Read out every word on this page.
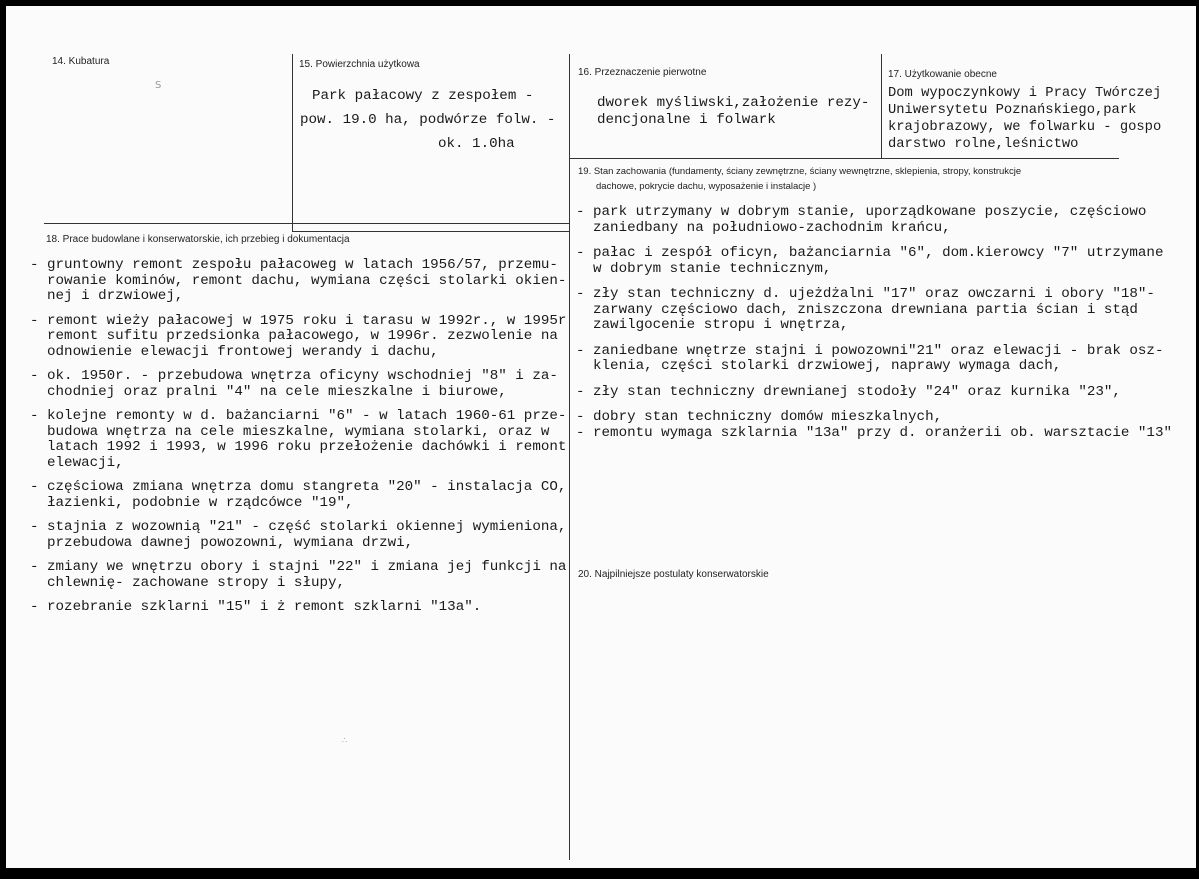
14. Kubatura
S
15. Powierzchnia użytkowa
Park pałacowy z zespołem -
pow. 19.0 ha, podwórze folw. -
ok. 1.0ha
16. Przeznaczenie pierwotne
dworek myśliwski,założenie rezy-
dencjonalne i folwark
17. Użytkowanie obecne
Dom wypoczynkowy i Pracy Twórczej
Uniwersytetu Poznańskiego,park
krajobrazowy, we folwarku - gospo
darstwo rolne,leśnictwo
18. Prace budowlane i konserwatorskie, ich przebieg i dokumentacja
- gruntowny remont zespołu pałacoweg w latach 1956/57, przemu-
rowanie kominów, remont dachu, wymiana części stolarki okien-
nej i drzwiowej,
- remont wieży pałacowej w 1975 roku i tarasu w 1992r., w 1995r
remont sufitu przedsionka pałacowego, w 1996r. zezwolenie na
odnowienie elewacji frontowej werandy i dachu,
- ok. 1950r. - przebudowa wnętrza oficyny wschodniej "8" i za-
chodniej oraz pralni "4" na cele mieszkalne i biurowe,
- kolejne remonty w d. bażanciarni "6" - w latach 1960-61 prze-
budowa wnętrza na cele mieszkalne, wymiana stolarki, oraz w
latach 1992 i 1993, w 1996 roku przełożenie dachówki i remont
elewacji,
- częściowa zmiana wnętrza domu stangreta "20" - instalacja CO,
łazienki, podobnie w rządcówce "19",
- stajnia z wozownią "21" - część stolarki okiennej wymieniona,
przebudowa dawnej powozowni, wymiana drzwi,
- zmiany we wnętrzu obory i stajni "22" i zmiana jej funkcji na
chlewnię- zachowane stropy i słupy,
- rozebranie szklarni "15" i ż remont szklarni "13a".
19. Stan zachowania (fundamenty, ściany zewnętrzne, ściany wewnętrzne, sklepienia, stropy, konstrukcje
dachowe, pokrycie dachu, wyposażenie i instalacje )
- park utrzymany w dobrym stanie, uporządkowane poszycie, częściowo
zaniedbany na południowo-zachodnim krańcu,
- pałac i zespół oficyn, bażanciarnia "6", dom.kierowcy "7" utrzymane
w dobrym stanie technicznym,
- zły stan techniczny d. ujeżdżalni "17" oraz owczarni i obory "18"-
zarwany częściowo dach, zniszczona drewniana partia ścian i stąd
zawilgocenie stropu i wnętrza,
- zaniedbane wnętrze stajni i powozowni"21" oraz elewacji - brak osz-
klenia, części stolarki drzwiowej, naprawy wymaga dach,
- zły stan techniczny drewnianej stodoły "24" oraz kurnika "23",
- dobry stan techniczny domów mieszkalnych,
- remontu wymaga szklarnia "13a" przy d. oranżerii ob. warsztacie "13"
20. Najpilniejsze postulaty konserwatorskie
∴
